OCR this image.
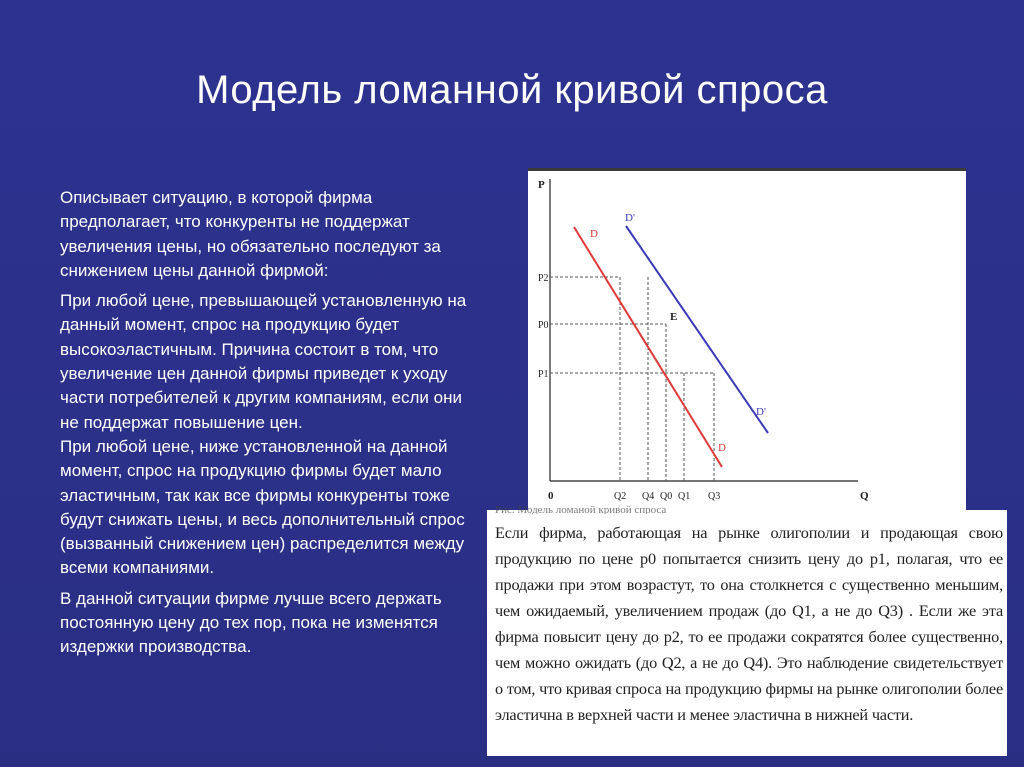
Модель ломанной кривой спроса

Описывает ситуацию, в которой фирма предполагает, что конкуренты не поддержат увеличения цены, но обязательно последуют за снижением цены данной фирмой:

При любой цене, превышающей установленную на данный момент, спрос на продукцию будет высокоэластичным. Причина состоит в том, что увеличение цен данной фирмы приведет к уходу части потребителей к другим компаниям, если они не поддержат повышение цен.

При любой цене, ниже установленной на данной момент, спрос на продукцию фирмы будет мало эластичным, так как все фирмы конкуренты тоже будут снижать цены, и весь дополнительный спрос (вызванный снижением цен) распределится между всеми компаниями.

В данной ситуации фирме лучше всего держать постоянную цену до тех пор, пока не изменятся издержки производства.

D
D
D'
D'
E
P
Q
0
P2
P0
P1
Q2 Q4 Q0 Q1 Q3
Рис. Модель ломаной кривой спроса
Если фирма, работающая на рынке олигополии и продающая свою продукцию по цене p0 попытается снизить цену до p1, полагая, что ее продажи при этом возрастут, то она столкнется с существенно меньшим, чем ожидаемый, увеличением продаж (до Q1, а не до Q3) . Если же эта фирма повысит цену до p2, то ее продажи сократятся более существенно, чем можно ожидать (до Q2, а не до Q4). Это наблюдение свидетельствует о том, что кривая спроса на продукцию фирмы на рынке олигополии более эластична в верхней части и менее эластична в нижней части.
